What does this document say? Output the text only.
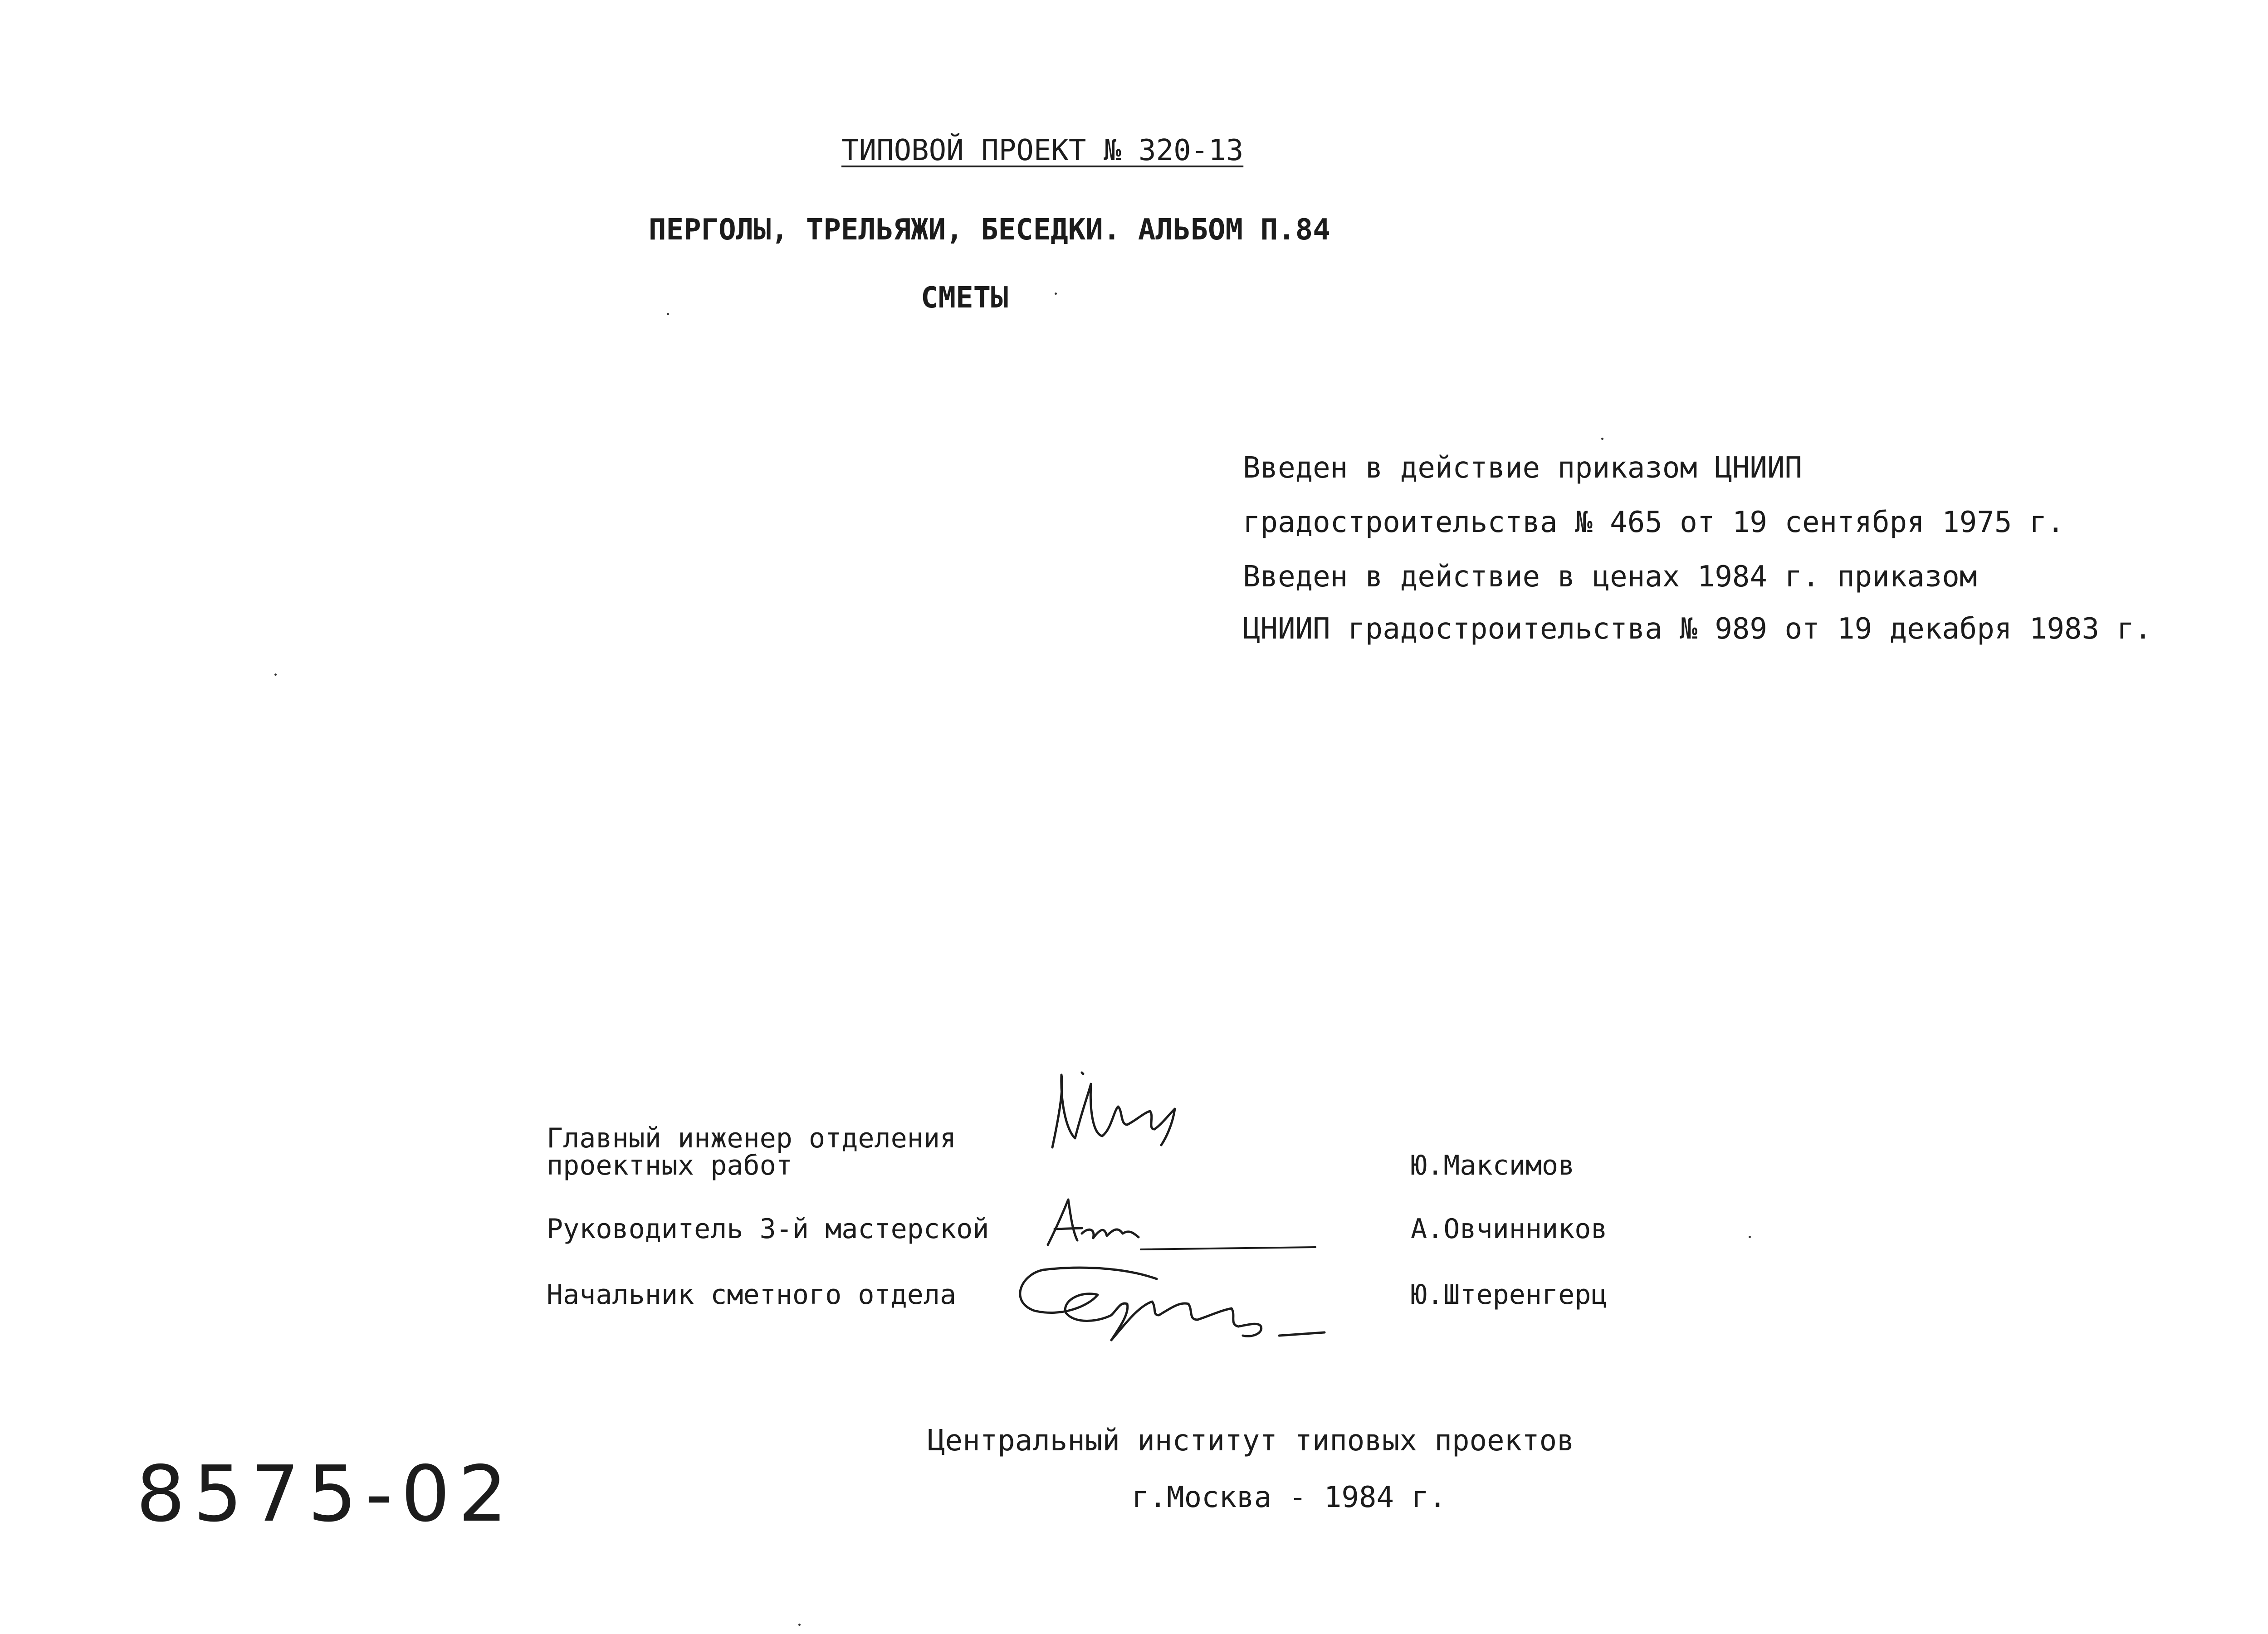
ТИПОВОЙ ПРОЕКТ № 320-13
ПЕРГОЛЫ, ТРЕЛЬЯЖИ, БЕСЕДКИ. АЛЬБОМ П.84
СМЕТЫ
Введен в действие приказом ЦНИИП
градостроительства № 465 от 19 сентября 1975 г.
Введен в действие в ценах 1984 г. приказом
ЦНИИП градостроительства № 989 от 19 декабря 1983 г.
Главный инженер отделения
проектных работ	Ю.Максимов
Руководитель 3-й мастерской	А.Овчинников
Начальник сметного отдела	Ю.Штеренгерц
Центральный институт типовых проектов
г.Москва - 1984 г.
8575-02
